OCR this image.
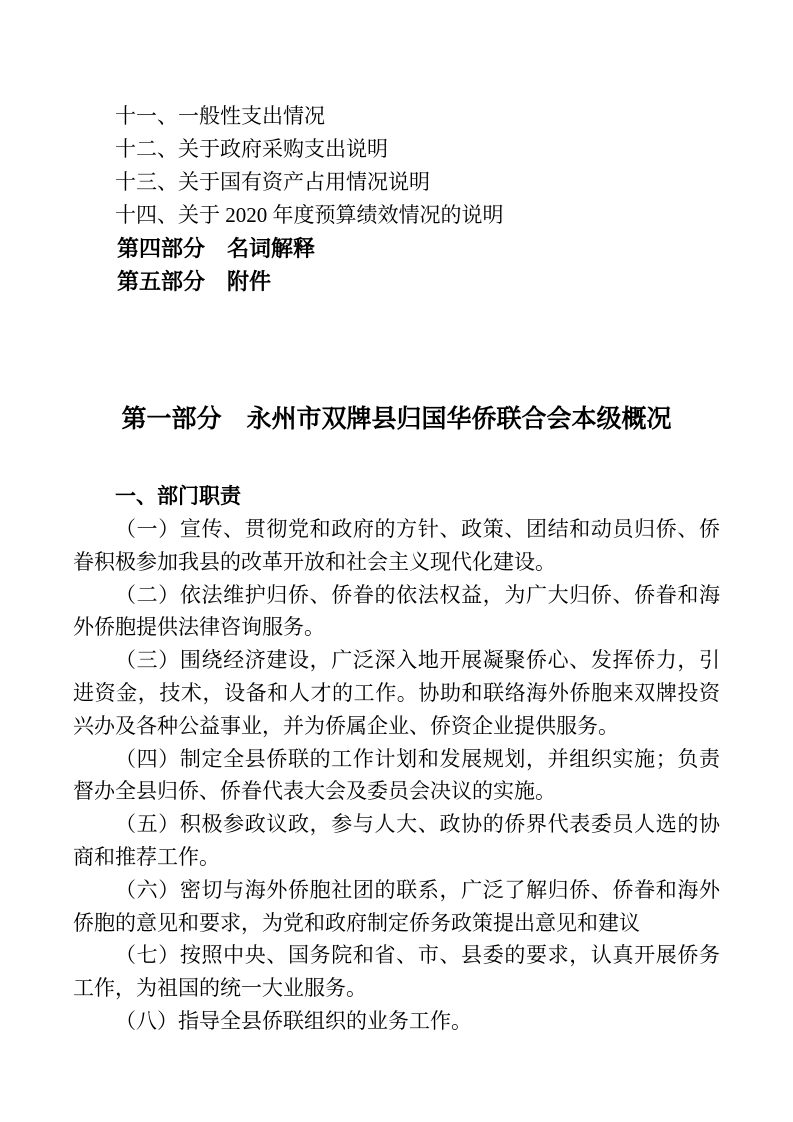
十一、一般性支出情况

十二、关于政府采购支出说明

十三、关于国有资产占用情况说明

十四、关于 2020 年度预算绩效情况的说明

第四部分　名词解释

第五部分　附件

第一部分　永州市双牌县归国华侨联合会本级概况
一、部门职责

（一）宣传、贯彻党和政府的方针、政策、团结和动员归侨、侨眷积极参加我县的改革开放和社会主义现代化建设。

（二）依法维护归侨、侨眷的依法权益，为广大归侨、侨眷和海外侨胞提供法律咨询服务。

（三）围绕经济建设，广泛深入地开展凝聚侨心、发挥侨力，引进资金，技术，设备和人才的工作。协助和联络海外侨胞来双牌投资兴办及各种公益事业，并为侨属企业、侨资企业提供服务。

（四）制定全县侨联的工作计划和发展规划，并组织实施；负责督办全县归侨、侨眷代表大会及委员会决议的实施。

（五）积极参政议政，参与人大、政协的侨界代表委员人选的协商和推荐工作。

（六）密切与海外侨胞社团的联系，广泛了解归侨、侨眷和海外侨胞的意见和要求，为党和政府制定侨务政策提出意见和建议

（七）按照中央、国务院和省、市、县委的要求，认真开展侨务工作，为祖国的统一大业服务。

（八）指导全县侨联组织的业务工作。
